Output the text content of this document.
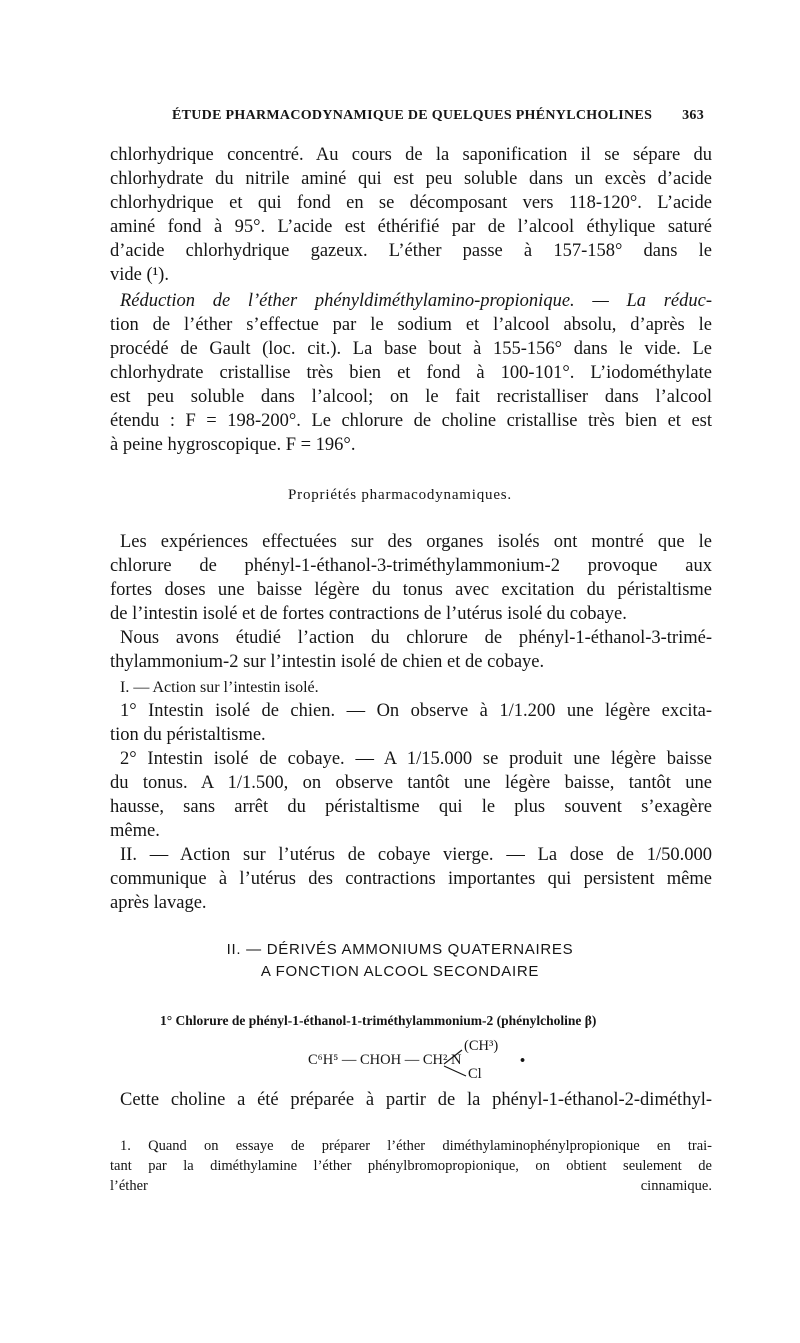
ÉTUDE PHARMACODYNAMIQUE DE QUELQUES PHÉNYLCHOLINES 363
chlorhydrique concentré. Au cours de la saponification il se sépare du
chlorhydrate du nitrile aminé qui est peu soluble dans un excès d’acide
chlorhydrique et qui fond en se décomposant vers 118-120°. L’acide
aminé fond à 95°. L’acide est éthérifié par de l’alcool éthylique saturé
d’acide chlorhydrique gazeux. L’éther passe à 157-158° dans le
vide (¹).
Réduction de l’éther phényldiméthylamino-propionique. — La réduc-
tion de l’éther s’effectue par le sodium et l’alcool absolu, d’après le
procédé de Gault (loc. cit.). La base bout à 155-156° dans le vide. Le
chlorhydrate cristallise très bien et fond à 100-101°. L’iodométhylate
est peu soluble dans l’alcool; on le fait recristalliser dans l’alcool
étendu : F = 198-200°. Le chlorure de choline cristallise très bien et est
à peine hygroscopique. F = 196°.
Propriétés pharmacodynamiques.
Les expériences effectuées sur des organes isolés ont montré que le
chlorure de phényl-1-éthanol-3-triméthylammonium-2 provoque aux
fortes doses une baisse légère du tonus avec excitation du péristaltisme
de l’intestin isolé et de fortes contractions de l’utérus isolé du cobaye.
Nous avons étudié l’action du chlorure de phényl-1-éthanol-3-trimé-
thylammonium-2 sur l’intestin isolé de chien et de cobaye.
I. — Action sur l’intestin isolé.
1° Intestin isolé de chien. — On observe à 1/1.200 une légère excita-
tion du péristaltisme.
2° Intestin isolé de cobaye. — A 1/15.000 se produit une légère baisse
du tonus. A 1/1.500, on observe tantôt une légère baisse, tantôt une
hausse, sans arrêt du péristaltisme qui le plus souvent s’exagère
même.
II. — Action sur l’utérus de cobaye vierge. — La dose de 1/50.000
communique à l’utérus des contractions importantes qui persistent même
après lavage.
II. — DÉRIVÉS AMMONIUMS QUATERNAIRES
A FONCTION ALCOOL SECONDAIRE
1° Chlorure de phényl-1-éthanol-1-triméthylammonium-2 (phénylcholine β)
C⁶H⁵ — CHOH — CH² N
(CH³)
Cl
•
Cette choline a été préparée à partir de la phényl-1-éthanol-2-diméthyl-
1. Quand on essaye de préparer l’éther diméthylaminophénylpropionique en trai-
tant par la diméthylamine l’éther phénylbromopropionique, on obtient seulement de
l’éther cinnamique.
